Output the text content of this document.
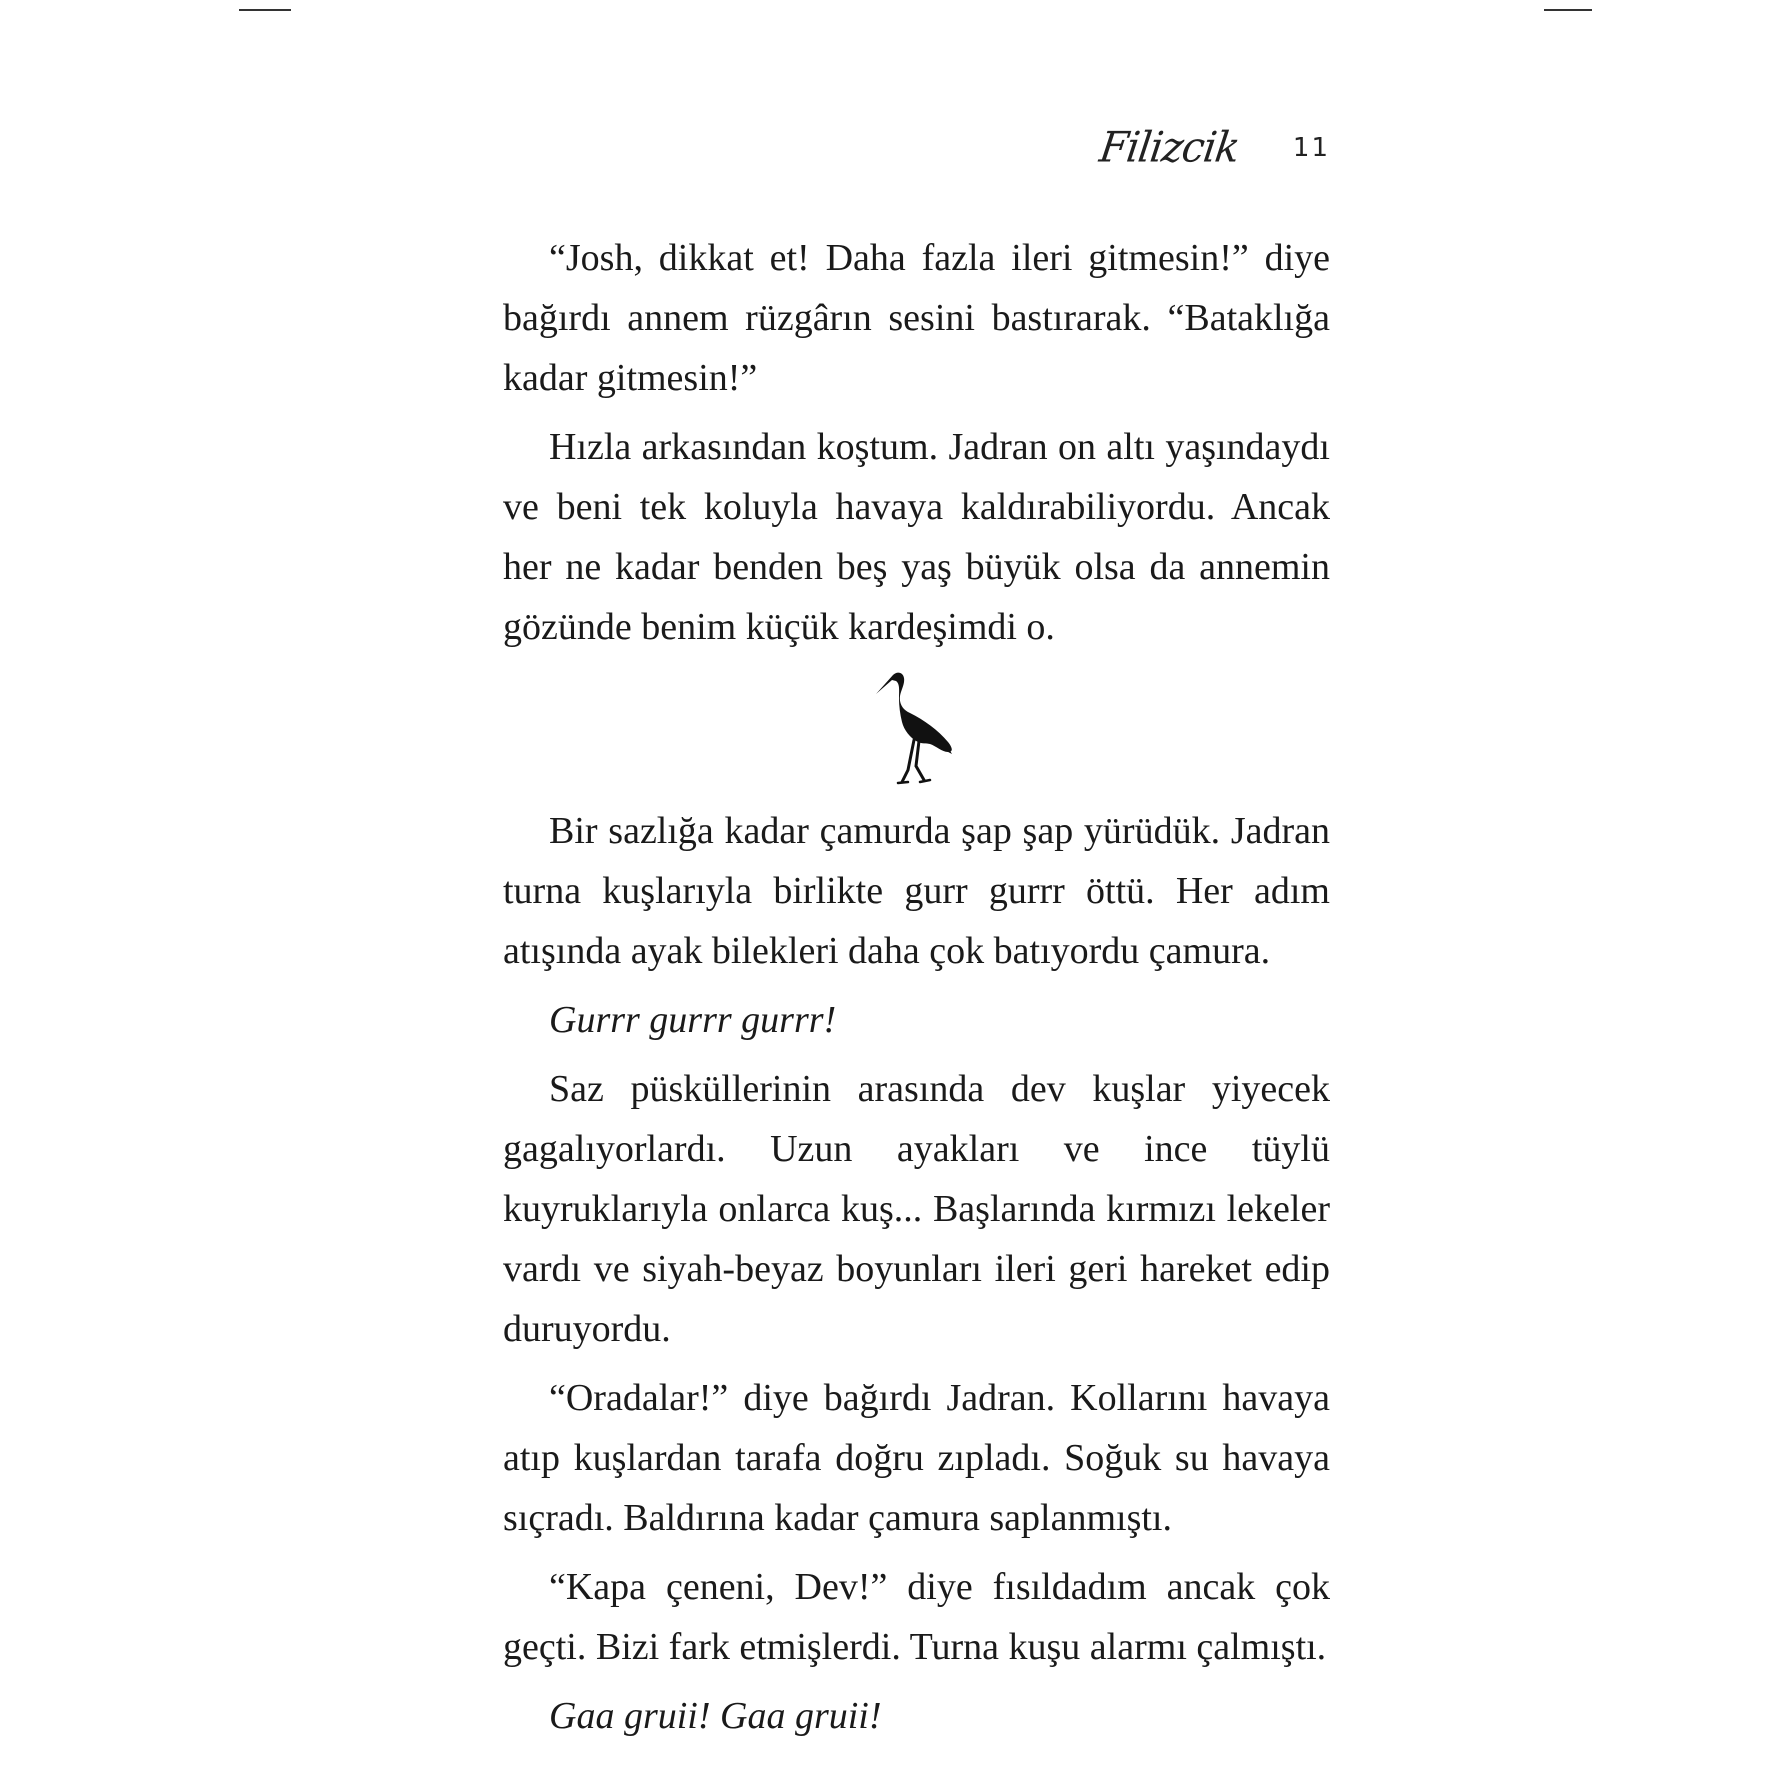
Filizcik 11

“Josh, dikkat et! Daha fazla ileri gitmesin!” diye bağırdı annem rüzgârın sesini bastırarak. “Bataklığa kadar gitmesin!”

Hızla arkasından koştum. Jadran on altı yaşındaydı ve beni tek koluyla havaya kaldırabiliyordu. Ancak her ne kadar benden beş yaş büyük olsa da annemin gözünde benim küçük kardeşimdi o.

Bir sazlığa kadar çamurda şap şap yürüdük. Jadran turna kuşlarıyla birlikte gurr gurrr öttü. Her adım atışında ayak bilekleri daha çok batıyordu çamura.

Gurrr gurrr gurrr!

Saz püsküllerinin arasında dev kuşlar yiyecek gagalıyorlardı. Uzun ayakları ve ince tüylü kuyruklarıyla onlarca kuş... Başlarında kırmızı lekeler vardı ve siyah-beyaz boyunları ileri geri hareket edip duruyordu.

“Oradalar!” diye bağırdı Jadran. Kollarını havaya atıp kuşlardan tarafa doğru zıpladı. Soğuk su havaya sıçradı. Baldırına kadar çamura saplanmıştı.

“Kapa çeneni, Dev!” diye fısıldadım ancak çok geçti. Bizi fark etmişlerdi. Turna kuşu alarmı çalmıştı.

Gaa gruii! Gaa gruii!
